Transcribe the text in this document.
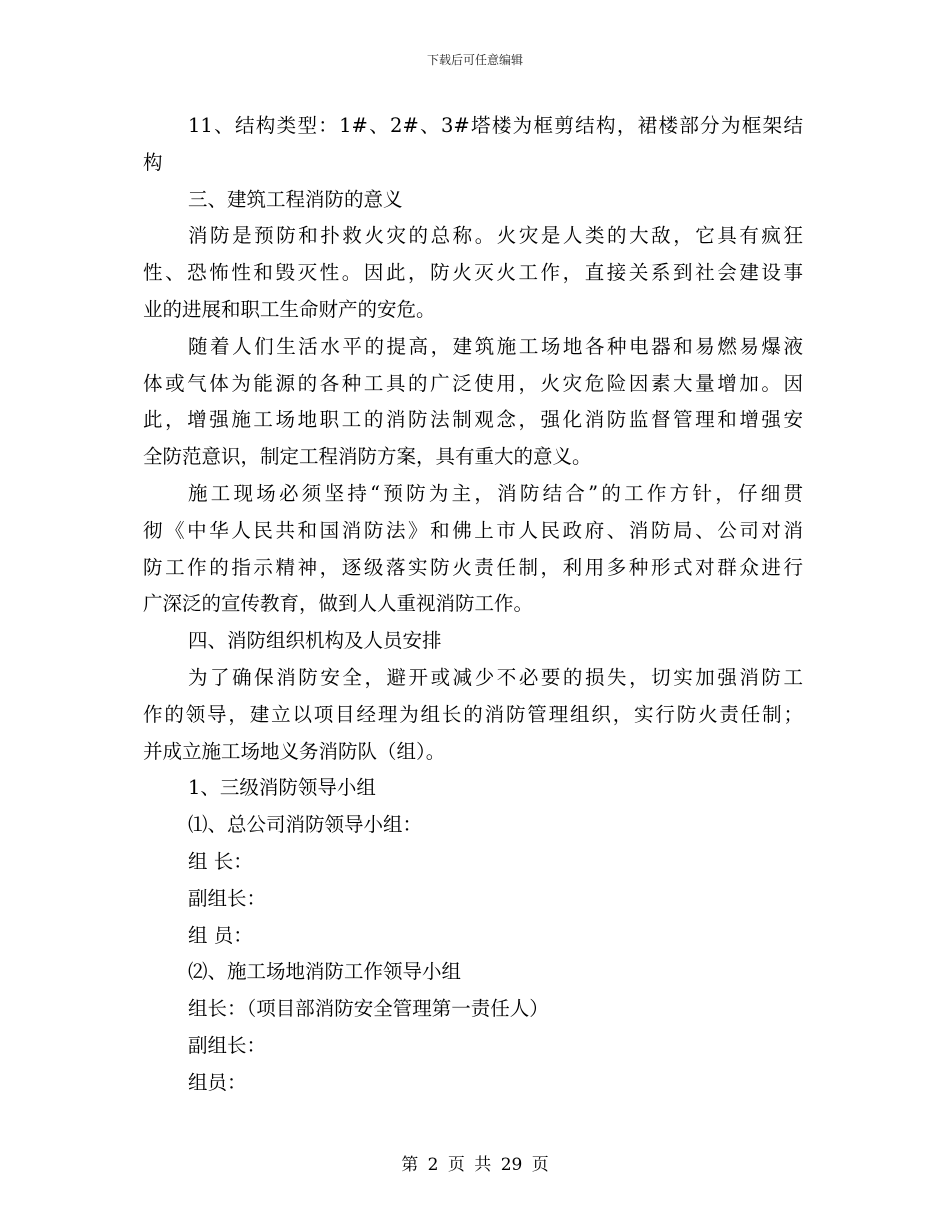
下载后可任意编辑
11、结构类型：1#、2#、3#塔楼为框剪结构，裙楼部分为框架结
构
三、建筑工程消防的意义
消防是预防和扑救火灾的总称。火灾是人类的大敌，它具有疯狂
性、恐怖性和毁灭性。因此，防火灭火工作，直接关系到社会建设事
业的进展和职工生命财产的安危。
随着人们生活水平的提高，建筑施工场地各种电器和易燃易爆液
体或气体为能源的各种工具的广泛使用，火灾危险因素大量增加。因
此，增强施工场地职工的消防法制观念，强化消防监督管理和增强安
全防范意识，制定工程消防方案，具有重大的意义。
施工现场必须坚持“预防为主，消防结合”的工作方针，仔细贯
彻《中华人民共和国消防法》和佛上市人民政府、消防局、公司对消
防工作的指示精神，逐级落实防火责任制，利用多种形式对群众进行
广深泛的宣传教育，做到人人重视消防工作。
四、消防组织机构及人员安排
为了确保消防安全，避开或减少不必要的损失，切实加强消防工
作的领导，建立以项目经理为组长的消防管理组织，实行防火责任制；
并成立施工场地义务消防队（组）。
1、三级消防领导小组
⑴、总公司消防领导小组：
组 长：
副组长：
组 员：
⑵、施工场地消防工作领导小组
组长：（项目部消防安全管理第一责任人）
副组长：
组员：
第 2 页 共 29 页
